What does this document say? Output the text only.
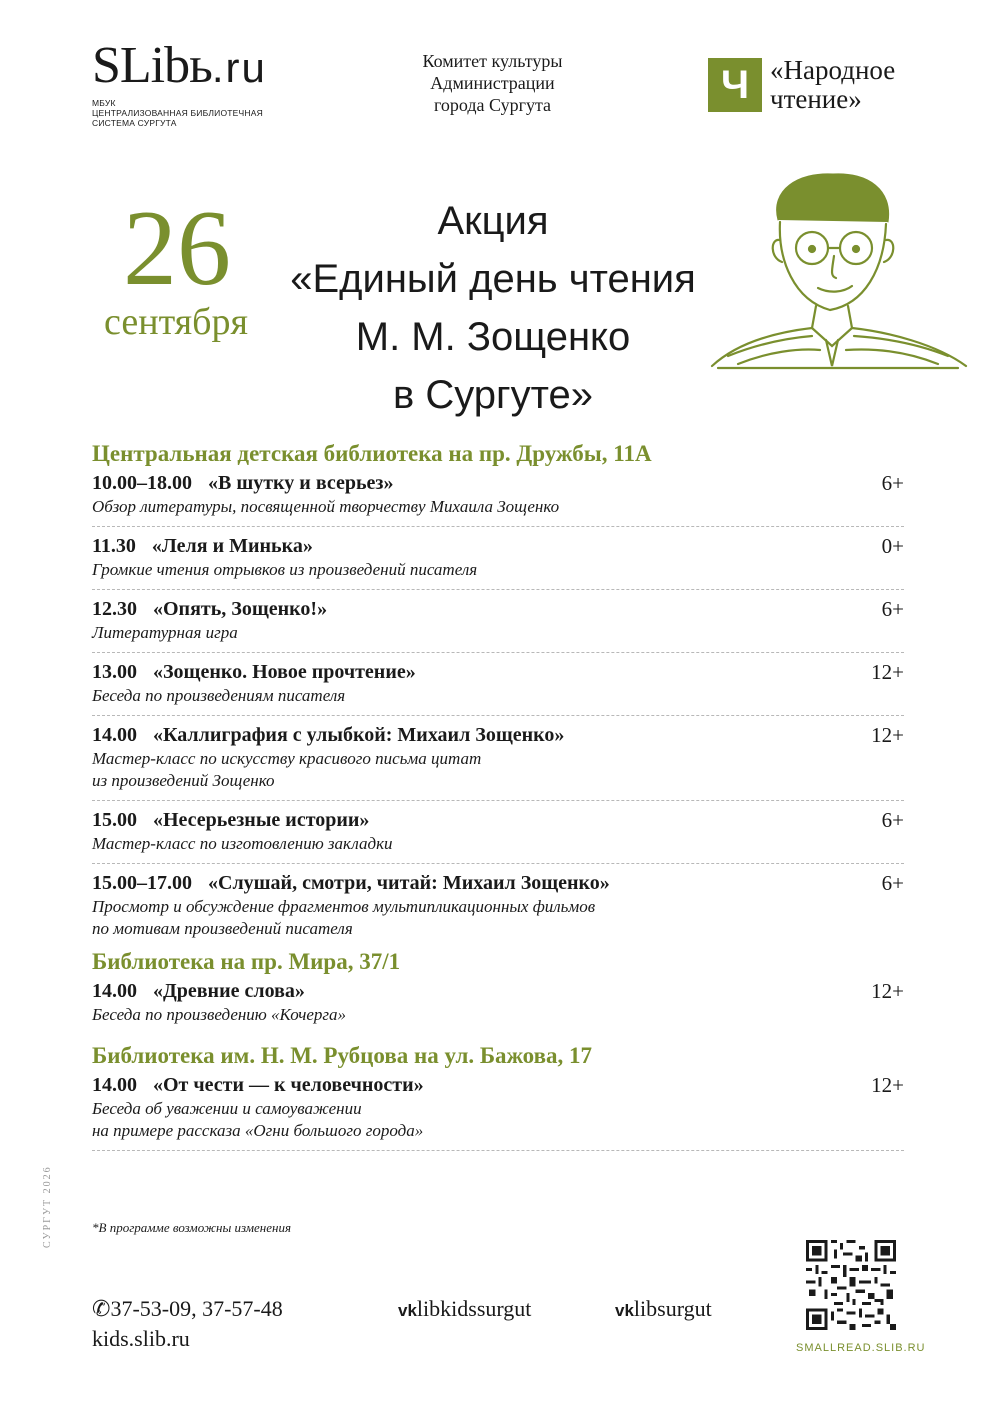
SLibь.ru
МБУК
ЦЕНТРАЛИЗОВАННАЯ БИБЛИОТЕЧНАЯ
СИСТЕМА СУРГУТА
Комитет культуры
Администрации
города Сургута	Ч «Народное
чтение»
26
сентября
Акция
«Единый день чтения
М. М. Зощенко
в Сургуте»
Центральная детская библиотека на пр. Дружбы, 11А
10.00–18.00 «В шутку и всерьез»
Обзор литературы, посвященной творчеству Михаила Зощенко
6+
11.30 «Леля и Минька»
Громкие чтения отрывков из произведений писателя
0+
12.30 «Опять, Зощенко!»
Литературная игра
6+
13.00 «Зощенко. Новое прочтение»
Беседа по произведениям писателя
12+
14.00 «Каллиграфия с улыбкой: Михаил Зощенко»
Мастер-класс по искусству красивого письма цитат
из произведений Зощенко
12+
15.00 «Несерьезные истории»
Мастер-класс по изготовлению закладки
6+
15.00–17.00 «Слушай, смотри, читай: Михаил Зощенко»
Просмотр и обсуждение фрагментов мультипликационных фильмов
по мотивам произведений писателя
6+
Библиотека на пр. Мира, 37/1
14.00 «Древние слова»
Беседа по произведению «Кочерга»
12+
Библиотека им. Н. М. Рубцова на ул. Бажова, 17
14.00 «От чести — к человечности»
Беседа об уважении и самоуважении
на примере рассказа «Огни большого города»
12+
*В программе возможны изменения
СУРГУТ 2026
✆37-53-09, 37-57-48
kids.slib.ru
vklibkidssurgut	vklibsurgut
SMALLREAD.SLIB.RU
